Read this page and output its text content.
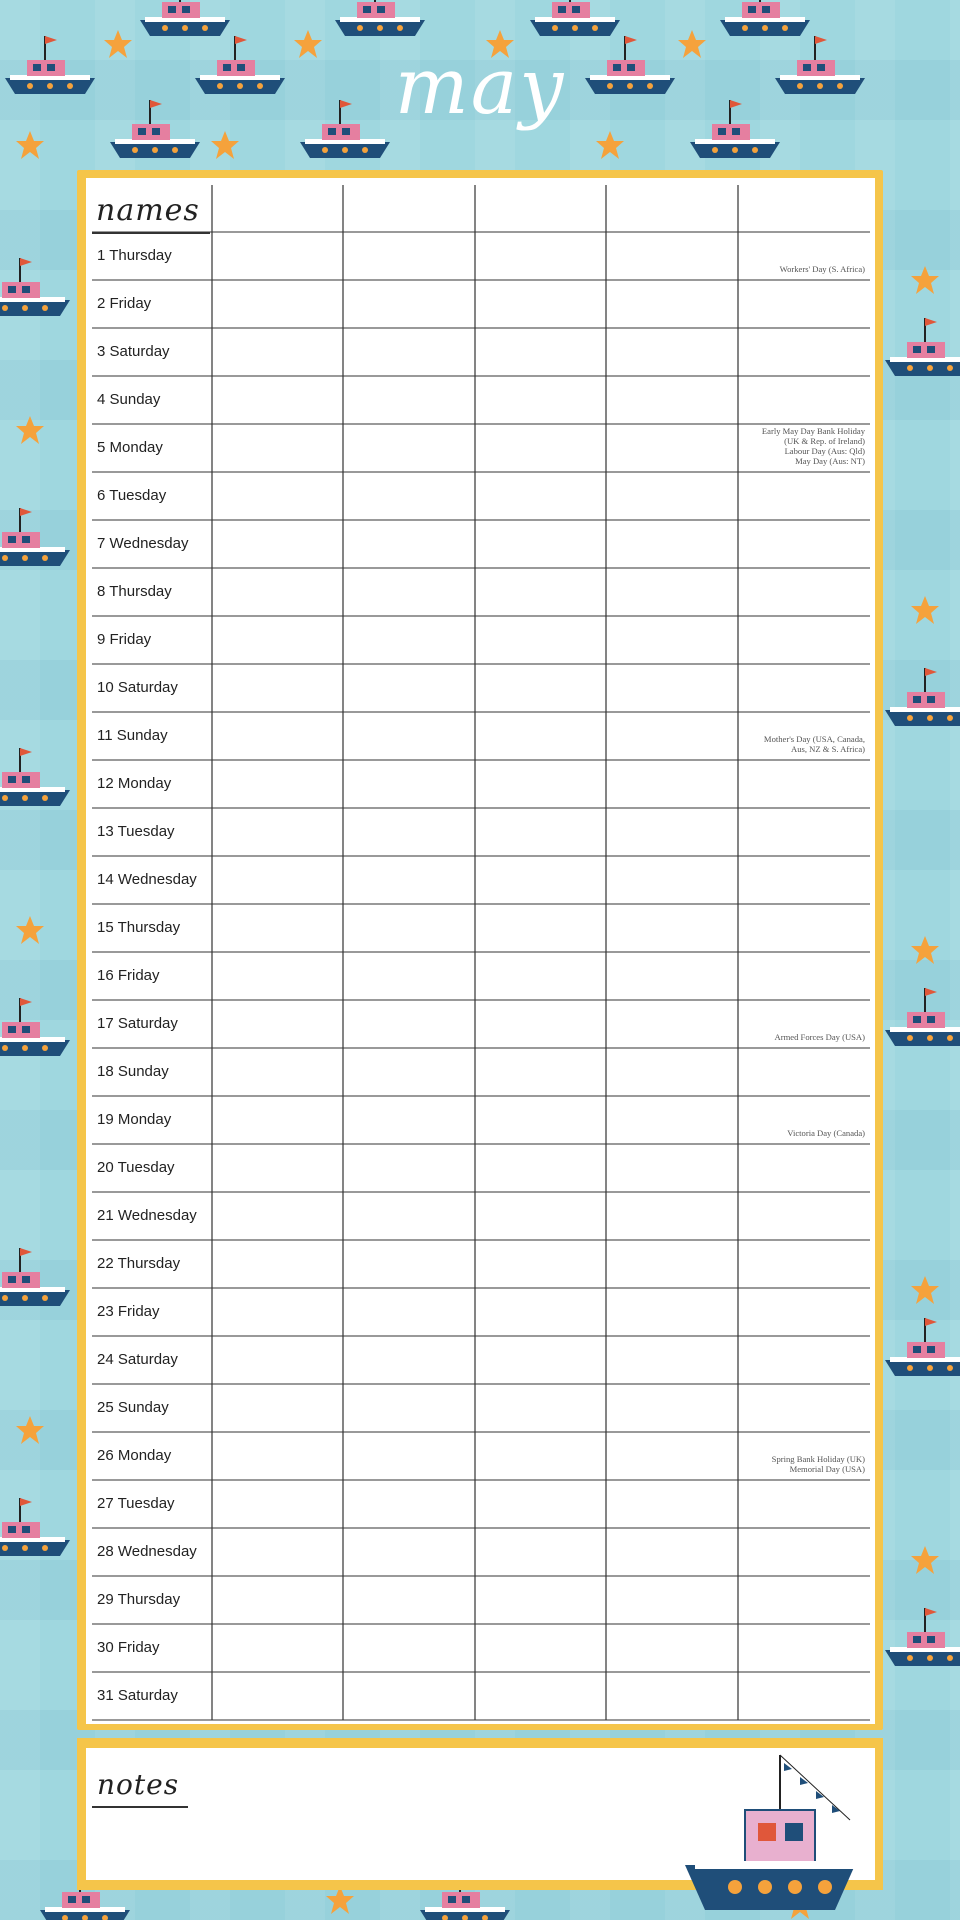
may
names
1 Thursday
Workers' Day (S. Africa)
2 Friday
3 Saturday
4 Sunday
5 Monday
Early May Day Bank Holiday
(UK & Rep. of Ireland)
Labour Day (Aus: Qld)
May Day (Aus: NT)
6 Tuesday
7 Wednesday
8 Thursday
9 Friday
10 Saturday
11 Sunday	Mother's Day (USA, Canada,
Aus, NZ & S. Africa)
12 Monday
13 Tuesday
14 Wednesday
15 Thursday
16 Friday
17 Saturday
Armed Forces Day (USA)
18 Sunday
19 Monday
Victoria Day (Canada)
20 Tuesday
21 Wednesday
22 Thursday
23 Friday
24 Saturday
25 Sunday
26 Monday	Spring Bank Holiday (UK)
Memorial Day (USA)
27 Tuesday
28 Wednesday
29 Thursday
30 Friday
31 Saturday
notes
